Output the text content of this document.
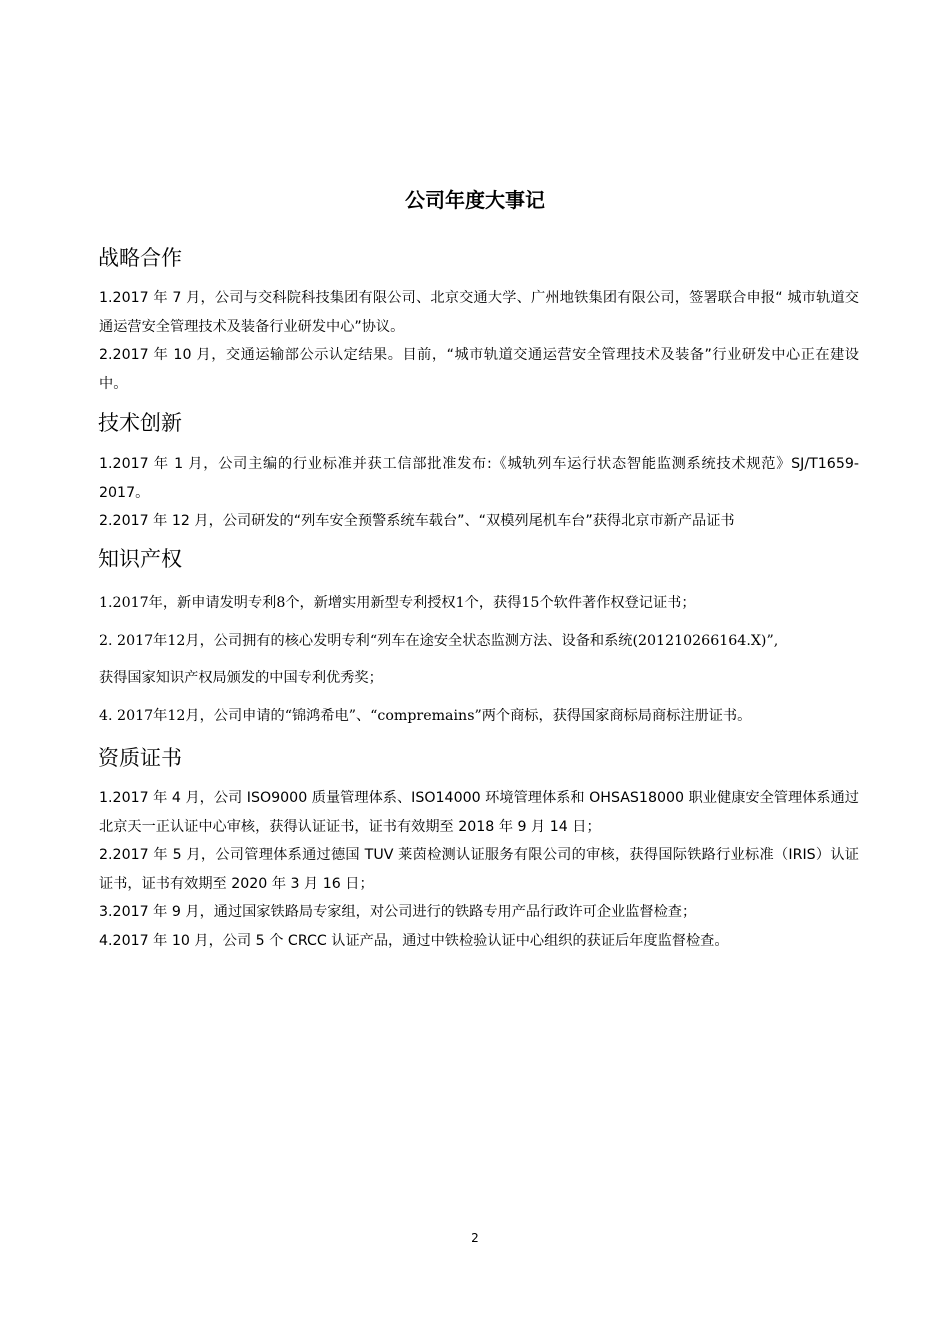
公司年度大事记
战略合作

1.2017 年 7 月，公司与交科院科技集团有限公司、北京交通大学、广州地铁集团有限公司，签署联合申报“ 城市轨道交通运营安全管理技术及装备行业研发中心”协议。

2.2017 年 10 月，交通运输部公示认定结果。目前，“城市轨道交通运营安全管理技术及装备”行业研发中心正在建设中。

技术创新

1.2017 年 1 月，公司主编的行业标准并获工信部批准发布:《城轨列车运行状态智能监测系统技术规范》SJ/T1659-2017。

2.2017 年 12 月，公司研发的“列车安全预警系统车载台”、“双模列尾机车台”获得北京市新产品证书

知识产权

1.2017年，新申请发明专利8个，新增实用新型专利授权1个，获得15个软件著作权登记证书；

2. 2017年12月，公司拥有的核心发明专利“列车在途安全状态监测方法、设备和系统(201210266164.X)”,

获得国家知识产权局颁发的中国专利优秀奖；

4. 2017年12月，公司申请的“锦鸿希电”、“compremains”两个商标，获得国家商标局商标注册证书。

资质证书

1.2017 年 4 月，公司 ISO9000 质量管理体系、ISO14000 环境管理体系和 OHSAS18000 职业健康安全管理体系通过北京天一正认证中心审核，获得认证证书，证书有效期至 2018 年 9 月 14 日；

2.2017 年 5 月，公司管理体系通过德国 TUV 莱茵检测认证服务有限公司的审核，获得国际铁路行业标准（IRIS）认证证书，证书有效期至 2020 年 3 月 16 日；

3.2017 年 9 月，通过国家铁路局专家组，对公司进行的铁路专用产品行政许可企业监督检查；

4.2017 年 10 月，公司 5 个 CRCC 认证产品，通过中铁检验认证中心组织的获证后年度监督检查。

2
